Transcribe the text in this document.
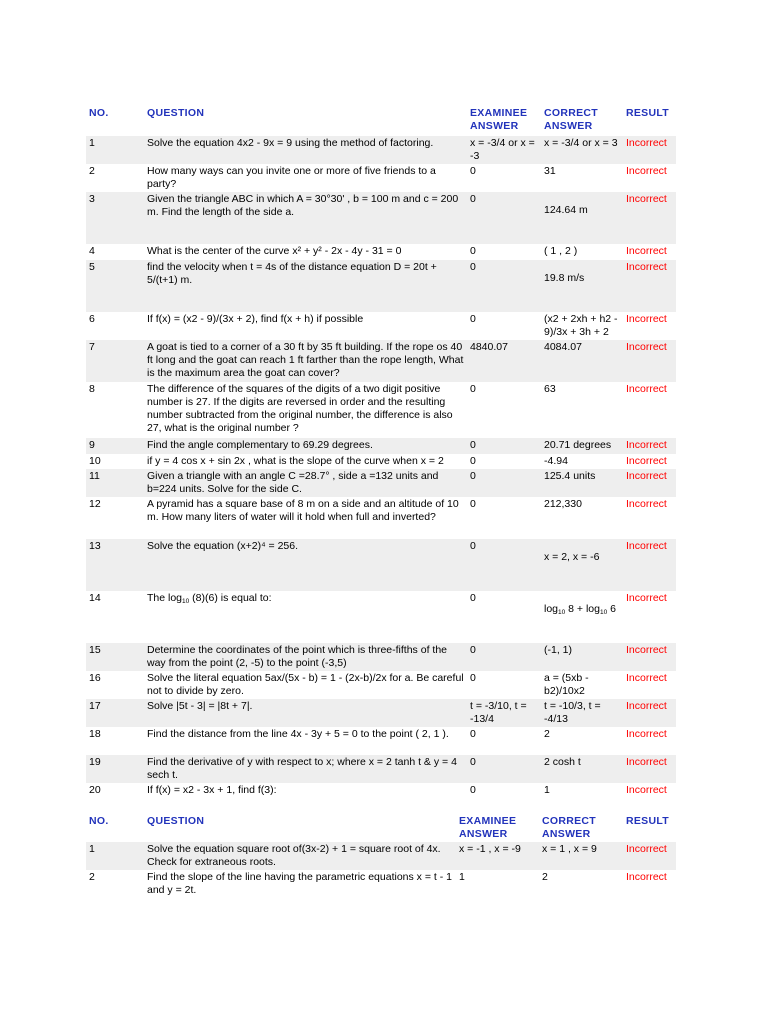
NO.	QUESTION	EXAMINEE ANSWER	CORRECT ANSWER	RESULT
1	Solve the equation 4x2 - 9x = 9 using the method of factoring.	x = -3/4 or x = -3	x = -3/4 or x = 3	Incorrect
2	How many ways can you invite one or more of five friends to a party?	0	31	Incorrect
3	Given the triangle ABC in which A = 30°30' , b = 100 m and c = 200 m. Find the length of the side a.	0	124.64 m	Incorrect
4	What is the center of the curve x² + y² - 2x - 4y - 31 = 0	0	( 1 , 2 )	Incorrect
5	find the velocity when t = 4s of the distance equation D = 20t + 5/(t+1) m.	0	19.8 m/s	Incorrect
6	If f(x) = (x2 - 9)/(3x + 2), find f(x + h) if possible	0	(x2 + 2xh + h2 - 9)/3x + 3h + 2	Incorrect
7	A goat is tied to a corner of a 30 ft by 35 ft building. If the rope os 40 ft long and the goat can reach 1 ft farther than the rope length, What is the maximum area the goat can cover?	4840.07	4084.07	Incorrect
8	The difference of the squares of the digits of a two digit positive number is 27. If the digits are reversed in order and the resulting number subtracted from the original number, the difference is also 27, what is the original number ?	0	63	Incorrect
9	Find the angle complementary to 69.29 degrees.	0	20.71 degrees	Incorrect
10	if y = 4 cos x + sin 2x , what is the slope of the curve when x = 2	0	-4.94	Incorrect
11	Given a triangle with an angle C =28.7° , side a =132 units and b=224 units. Solve for the side C.	0	125.4 units	Incorrect
12	A pyramid has a square base of 8 m on a side and an altitude of 10 m. How many liters of water will it hold when full and inverted?	0	212,330	Incorrect
13	Solve the equation (x+2)⁴ = 256.	0	x = 2, x = -6	Incorrect
14	The $\log_{10} (8)(6)$ is equal to:	0	$\log_{10} 8 + \log_{10} 6$	Incorrect
15	Determine the coordinates of the point which is three-fifths of the way from the point (2, -5) to the point (-3,5)	0	(-1, 1)	Incorrect
16	Solve the literal equation 5ax/(5x - b) = 1 - (2x-b)/2x for a. Be careful not to divide by zero.	0	a = (5xb - b2)/10x2	Incorrect
17	Solve |5t - 3| = |8t + 7|.	t = -3/10, t = -13/4	t = -10/3, t = -4/13	Incorrect
18	Find the distance from the line 4x - 3y + 5 = 0 to the point ( 2, 1 ).	0	2	Incorrect
19	Find the derivative of y with respect to x; where x = 2 tanh t & y = 4 sech t.	0	2 cosh t	Incorrect
20	If f(x) = x2 - 3x + 1, find f(3):	0	1	Incorrect
NO.	QUESTION	EXAMINEE ANSWER	CORRECT ANSWER	RESULT
1	Solve the equation square root of(3x-2) + 1 = square root of 4x. Check for extraneous roots.	x = -1 , x = -9	x = 1 , x = 9	Incorrect
2	Find the slope of the line having the parametric equations x = t - 1 and y = 2t.	1	2	Incorrect
